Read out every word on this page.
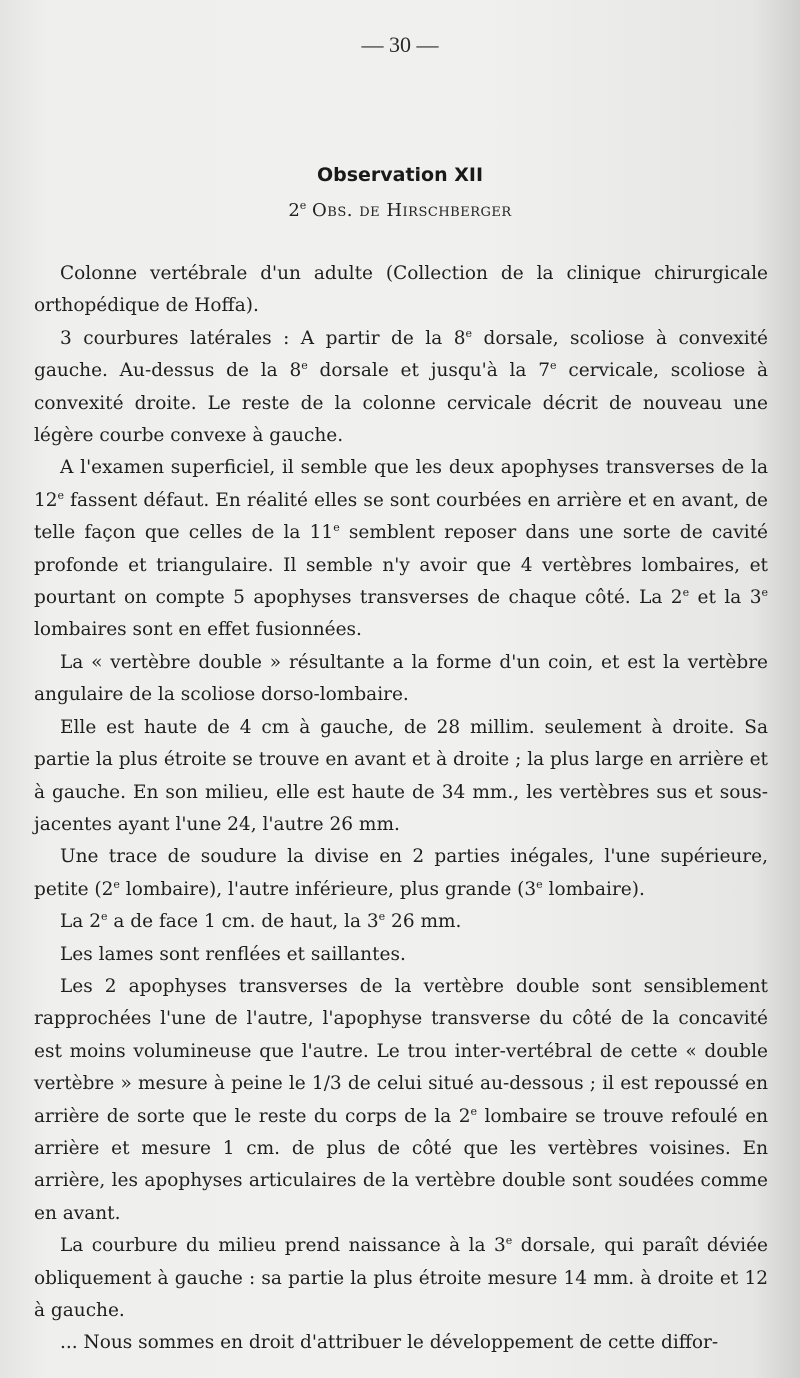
— 30 —
Observation XII
2e Obs. de Hirschberger

Colonne vertébrale d'un adulte (Collection de la clinique chirurgicale orthopédique de Hoffa).

3 courbures latérales : A partir de la 8e dorsale, scoliose à convexité gauche. Au-dessus de la 8e dorsale et jusqu'à la 7e cervicale, scoliose à convexité droite. Le reste de la colonne cervicale décrit de nouveau une légère courbe convexe à gauche.

A l'examen superficiel, il semble que les deux apophyses transverses de la 12e fassent défaut. En réalité elles se sont courbées en arrière et en avant, de telle façon que celles de la 11e semblent reposer dans une sorte de cavité profonde et triangulaire. Il semble n'y avoir que 4 vertèbres lombaires, et pourtant on compte 5 apophyses transverses de chaque côté. La 2e et la 3e lombaires sont en effet fusionnées.

La « vertèbre double » résultante a la forme d'un coin, et est la vertèbre angulaire de la scoliose dorso-lombaire.

Elle est haute de 4 cm à gauche, de 28 millim. seulement à droite. Sa partie la plus étroite se trouve en avant et à droite ; la plus large en arrière et à gauche. En son milieu, elle est haute de 34 mm., les vertèbres sus et sous-jacentes ayant l'une 24, l'autre 26 mm.

Une trace de soudure la divise en 2 parties inégales, l'une supérieure, petite (2e lombaire), l'autre inférieure, plus grande (3e lombaire).

La 2e a de face 1 cm. de haut, la 3e 26 mm.

Les lames sont renflées et saillantes.

Les 2 apophyses transverses de la vertèbre double sont sensiblement rapprochées l'une de l'autre, l'apophyse transverse du côté de la concavité est moins volumineuse que l'autre. Le trou inter-vertébral de cette « double vertèbre » mesure à peine le 1/3 de celui situé au-dessous ; il est repoussé en arrière de sorte que le reste du corps de la 2e lombaire se trouve refoulé en arrière et mesure 1 cm. de plus de côté que les vertèbres voisines. En arrière, les apophyses articulaires de la vertèbre double sont soudées comme en avant.

La courbure du milieu prend naissance à la 3e dorsale, qui paraît déviée obliquement à gauche : sa partie la plus étroite mesure 14 mm. à droite et 12 à gauche.

... Nous sommes en droit d'attribuer le développement de cette diffor-
